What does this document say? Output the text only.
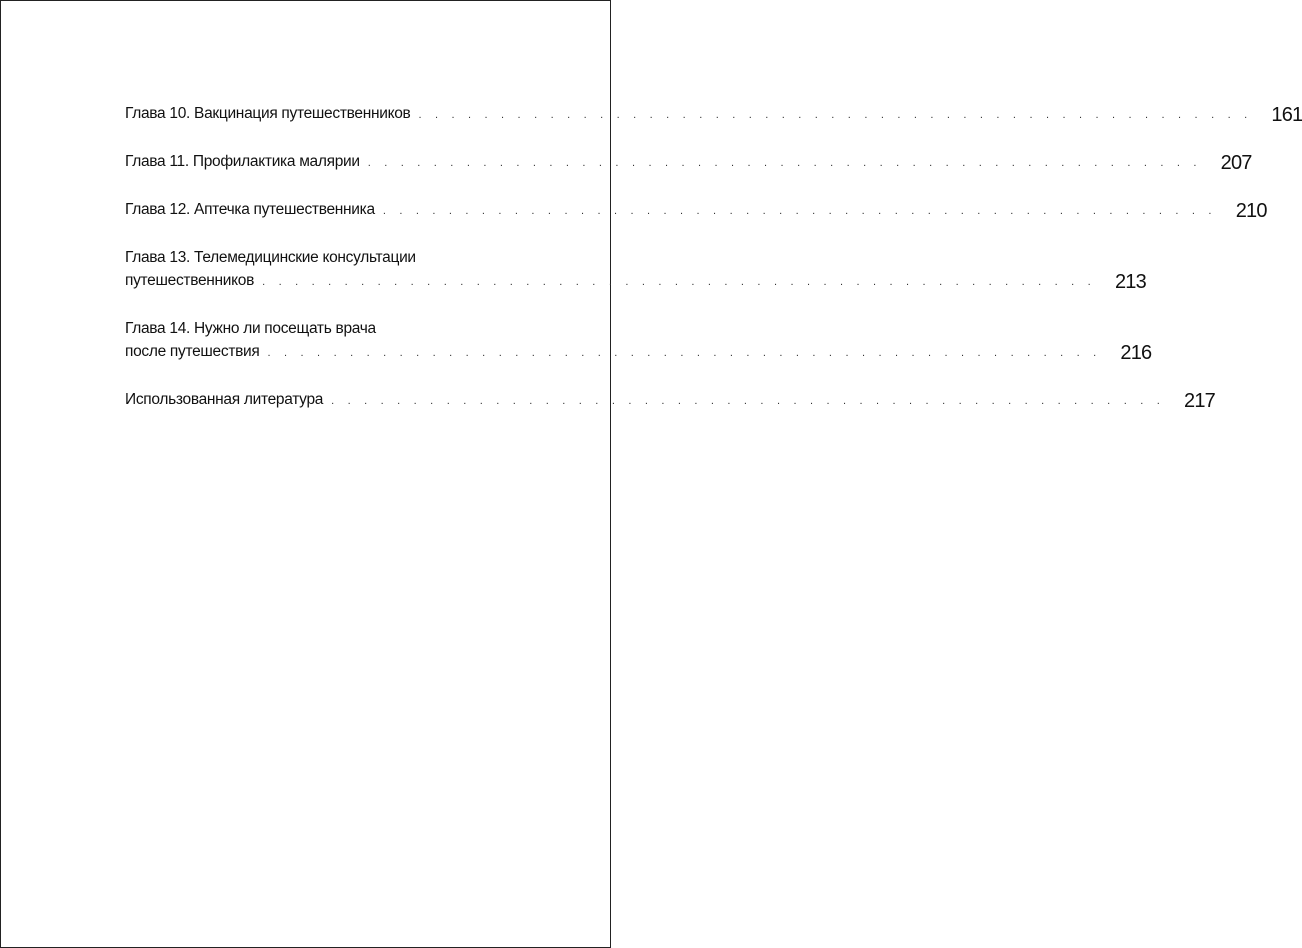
Глава 10. Вакцинация путешественников . . .	161
Глава 11. Профилактика малярии . . .	207
Глава 12. Аптечка путешественника . . .	210
Глава 13. Телемедицинские консультации
путешественников . . .	213
Глава 14. Нужно ли посещать врача
после путешествия . . .	216
Использованная литература . . .	217
